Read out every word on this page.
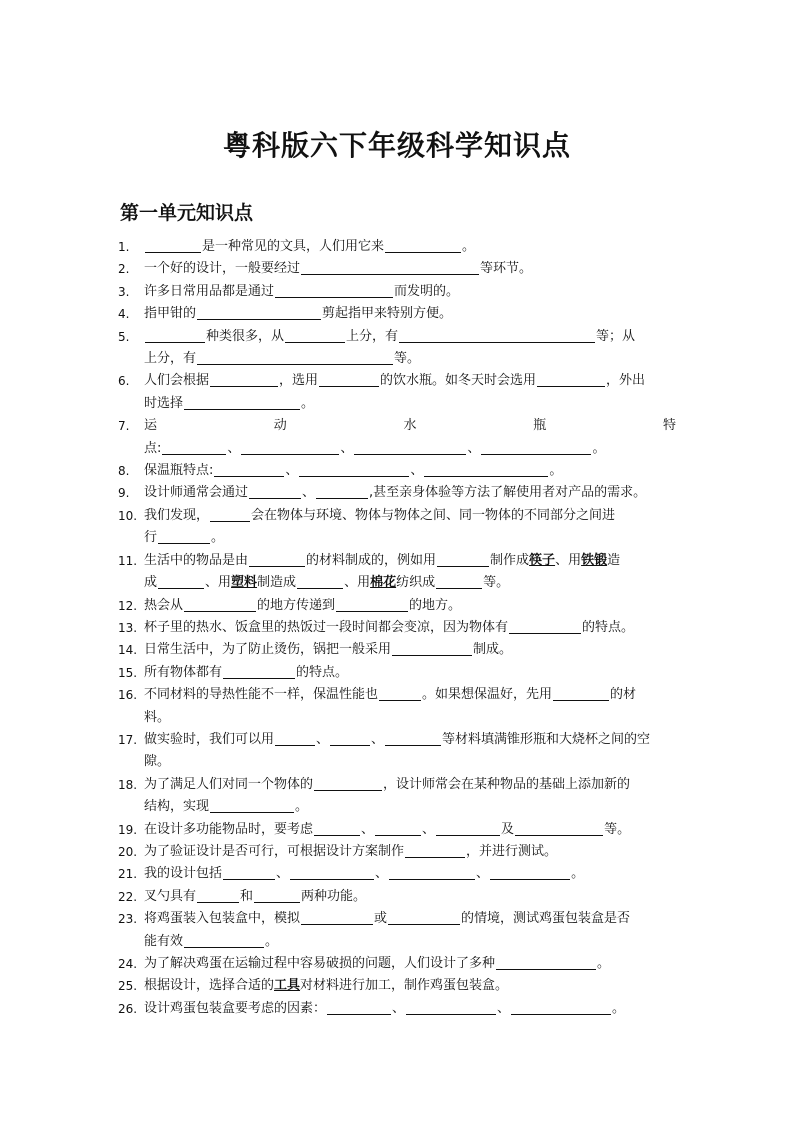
粤科版六下年级科学知识点
第一单元知识点
1.	是一种常见的文具，人们用它来	。
2. 一个好的设计，一般要经过	等环节。
3. 许多日常用品都是通过	而发明的。
4. 指甲钳的	剪起指甲来特别方便。
5.	种类很多，从	上分，有	等；从
上分，有	等。
6. 人们会根据	，选用	的饮水瓶。如冬天时会选用	，外出
时选择	。
7. 运	动	水	瓶	特
点:	、	、	、	。
8. 保温瓶特点:	、	、	。
9. 设计师通常会通过	、	,甚至亲身体验等方法了解使用者对产品的需求。
10. 我们发现，	会在物体与环境、物体与物体之间、同一物体的不同部分之间进
行	。
11. 生活中的物品是由	的材料制成的，例如用	制作成筷子、用铁锻造
成	、用塑料制造成	、用棉花纺织成	等。
12. 热会从	的地方传递到	的地方。
13. 杯子里的热水、饭盒里的热饭过一段时间都会变凉，因为物体有	的特点。
14. 日常生活中，为了防止烫伤，锅把一般采用	制成。
15. 所有物体都有	的特点。
16. 不同材料的导热性能不一样，保温性能也	。如果想保温好，先用	的材
料。
17. 做实验时，我们可以用	、	、	等材料填满锥形瓶和大烧杯之间的空
隙。
18. 为了满足人们对同一个物体的	，设计师常会在某种物品的基础上添加新的
结构，实现	。
19. 在设计多功能物品时，要考虑	、	、	及	等。
20. 为了验证设计是否可行，可根据设计方案制作	，并进行测试。
21. 我的设计包括	、	、	、	。
22. 叉勺具有	和	两种功能。
23. 将鸡蛋装入包装盒中，模拟	或	的情境，测试鸡蛋包装盒是否
能有效	。
24. 为了解决鸡蛋在运输过程中容易破损的问题，人们设计了多种	。
25. 根据设计，选择合适的工具对材料进行加工，制作鸡蛋包装盒。
26. 设计鸡蛋包装盒要考虑的因素：	、	、	。
